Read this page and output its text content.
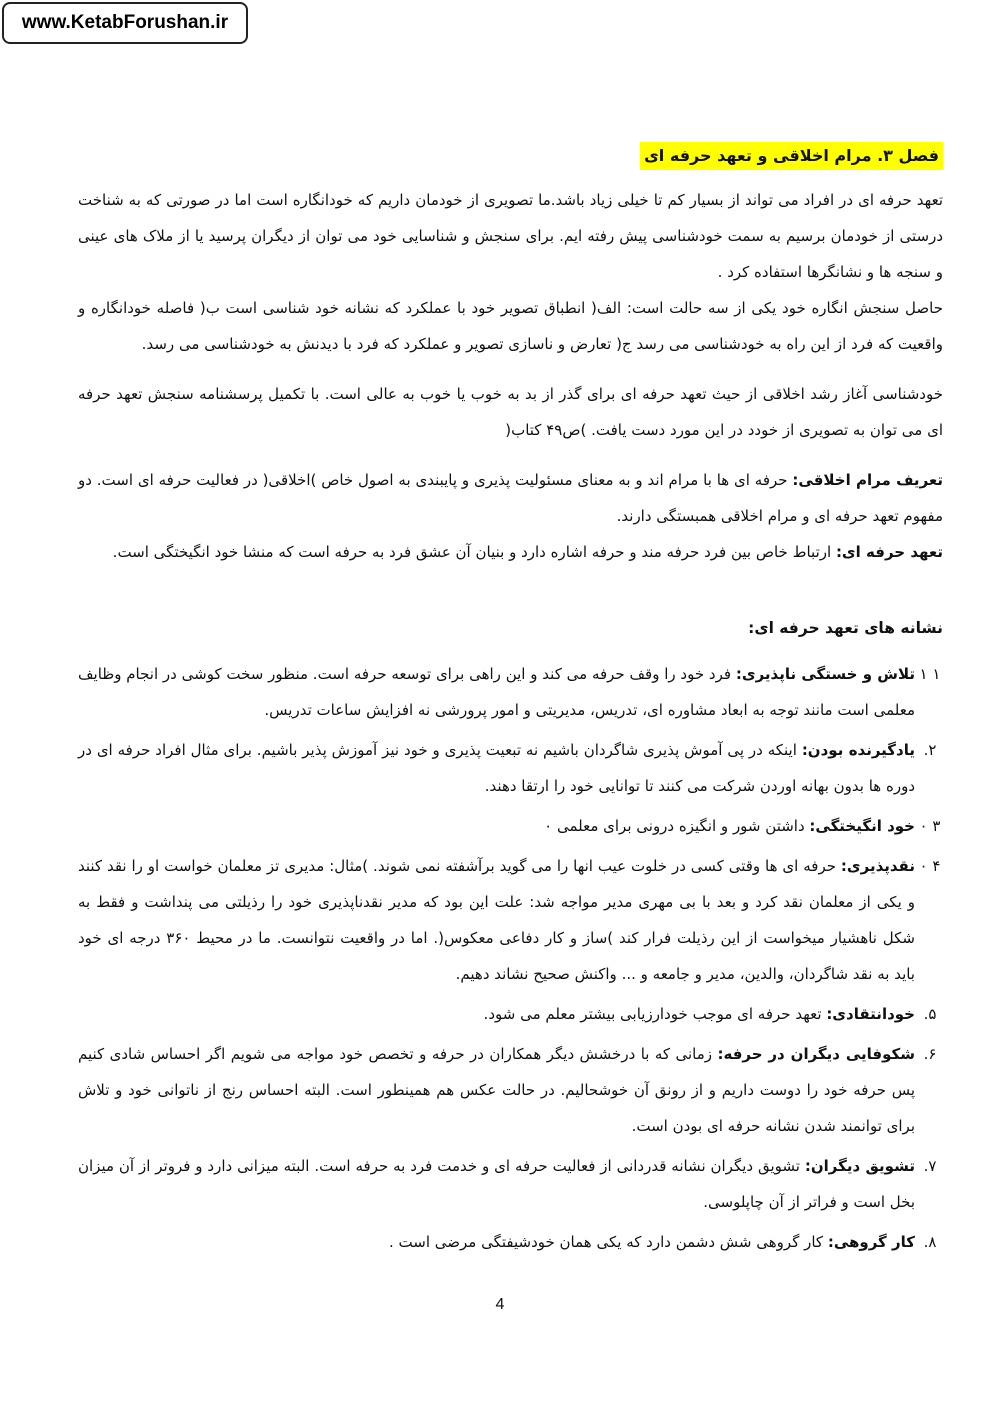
www.KetabForushan.ir
فصل ۳. مرام اخلاقی و تعهد حرفه ای

تعهد حرفه ای در افراد می تواند از بسیار کم تا خیلی زیاد باشد.ما تصویری از خودمان داریم که خودانگاره است اما در صورتی که به شناخت درستی از خودمان برسیم به سمت خودشناسی پیش رفته ایم. برای سنجش و شناسایی خود می توان از دیگران پرسید یا از ملاک های عینی و سنجه ها و نشانگرها استفاده کرد .

حاصل سنجش انگاره خود یکی از سه حالت است: الف( انطباق تصویر خود با عملکرد که نشانه خود شناسی است ب( فاصله خودانگاره و واقعیت که فرد از این راه به خودشناسی می رسد ج( تعارض و ناسازی تصویر و عملکرد که فرد با دیدنش به خودشناسی می رسد.

خودشناسی آغاز رشد اخلاقی از حیث تعهد حرفه ای برای گذر از بد به خوب یا خوب به عالی است. با تکمیل پرسشنامه سنجش تعهد حرفه ای می توان به تصویری از خودد در این مورد دست یافت. )ص۴۹ کتاب(

تعریف مرام اخلاقی: حرفه ای ها با مرام اند و به معنای مسئولیت پذیری و پایبندی به اصول خاص )اخلاقی( در فعالیت حرفه ای است. دو مفهوم تعهد حرفه ای و مرام اخلاقی همبستگی دارند.

تعهد حرفه ای: ارتباط خاص بین فرد حرفه مند و حرفه اشاره دارد و بنیان آن عشق فرد به حرفه است که منشا خود انگیختگی است.

نشانه های تعهد حرفه ای:
۱ ۱
تلاش و خستگی ناپذیری: فرد خود را وقف حرفه می کند و این راهی برای توسعه حرفه است. منظور سخت کوشی در انجام وظایف معلمی است مانند توجه به ابعاد مشاوره ای، تدریس، مدیریتی و امور پرورشی نه افزایش ساعات تدریس.
۲.
یادگیرنده بودن: اینکه در پی آموش پذیری شاگردان باشیم نه تبعیت پذیری و خود نیز آموزش پذیر باشیم. برای مثال افراد حرفه ای در دوره ها بدون بهانه اوردن شرکت می کنند تا توانایی خود را ارتقا دهند.
۳ ۰
خود انگیختگی: داشتن شور و انگیزه درونی برای معلمی ۰
۴ ۰
نقدپذیری: حرفه ای ها وقتی کسی در خلوت عیب انها را می گوید برآشفته نمی شوند. )مثال: مدیری تز معلمان خواست او را نقد کنند و یکی از معلمان نقد کرد و بعد با بی مهری مدیر مواجه شد: علت این بود که مدیر نقدناپذیری خود را رذیلتی می پنداشت و فقط به شکل ناهشیار میخواست از این رذیلت فرار کند )ساز و کار دفاعی معکوس(. اما در واقعیت نتوانست. ما در محیط ۳۶۰ درجه ای خود باید به نقد شاگردان، والدین، مدیر و جامعه و ... واکنش صحیح نشاند دهیم.
۵.
خودانتقادی: تعهد حرفه ای موجب خودارزیابی بیشتر معلم می شود.
۶.
شکوفایی دیگران در حرفه: زمانی که با درخشش دیگر همکاران در حرفه و تخصص خود مواجه می شویم اگر احساس شادی کنیم پس حرفه خود را دوست داریم و از رونق آن خوشحالیم. در حالت عکس هم همینطور است. البته احساس رنج از ناتوانی خود و تلاش برای توانمند شدن نشانه حرفه ای بودن است.
۷.
تشویق دیگران: تشویق دیگران نشانه قدردانی از فعالیت حرفه ای و خدمت فرد به حرفه است. البته میزانی دارد و فروتر از آن میزان بخل است و فراتر از آن چاپلوسی.
۸.
کار گروهی: کار گروهی شش دشمن دارد که یکی همان خودشیفتگی مرضی است .
4
